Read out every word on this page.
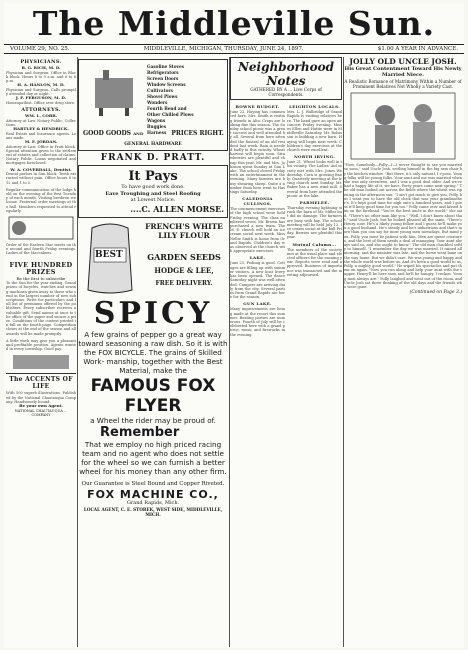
The Middleville Sun.
VOLUME 29, NO. 25.	MIDDLEVILLE, MICHIGAN, THURSDAY, JUNE 24, 1897.	$1.00 A YEAR IN ADVANCE.
PHYSICIANS.
B. G. RICH, M. D.
Physician and Surgeon. Office in Block block. Hours 8 to 9 a.m. and 6 to 8 p.m.
H. A. HANLON, M. D.
Physician and Surgeon. Calls promptly attended day or night.
J. F. FERGUSON, M. D.
Homeopathist. Office over drug store.
ATTORNEYS.
WM. L. COBB.
Attorney at Law. Notary Public. Collections.
HARTLEY & HENDRICK.
Real Estate and Insurance agents. Loans made.
M. F. JORDAN.
Attorney at Law. Office in Pratt block. Special attention given to the settlement of estates and collection of claims. Notary Public. Loans negotiated and mortgages foreclosed.
W. A. COVERDALL, Dentist.
Dental parlors in Sun block. Teeth extracted without pain. Office hours 8 to 12 and 1 to 5.
Regular communication of the lodge held on the evening of the first Tuesday of each month. Visiting brethren welcome. Fraternal order meetings at the hall. Members requested to attend regularly.
Order of the Eastern Star meets on the second and fourth Friday evenings. Ladies of the Maccabees.
FIVE HUNDRED PRIZES
Be the first to subscribe
To the Sun for the year ending. Grand prizes of bicycles, watches and sewing machines given away to those who send in the largest number of new subscriptions. Write for particulars and full list of premiums offered by the publishers. Every subscriber receives a valuable gift. Send names at once to the office of the paper and secure a prize. Conditions of the contest printed in full on the fourth page. Competition closes at the end of the season and all awards will be made promptly.
A little work may give you a pleasant and profitable position. Agents wanted in every township. Good pay.
The ACCENTS OF LIFE
With 500 superb illustrations. Published by the National Chautauqua Company. Handsomely bound.
Be your own Agent.
NATIONAL CHAUTAUQUA ... COMPANY
Gasoline Stoves
Refrigerators
Screen Doors
Window Screens
Cultivators
Shovel Plows
Wonders
Fourth Bend and
Other Chilled Plows
Wagons
Buggies
Harness
GOOD GOODS AND	PRICES RIGHT.
GENERAL HARDWARE
FRANK D. PRATT.
It Pays
To have good work done.
Eave Troughing and Steel Roofing
at Lowest Notice.
....C. ALLEN MORSE.
BEST
FRENCH'S WHITE LILY FLOUR
GARDEN SEEDS
HODGE & LEE,
FREE DELIVERY.
SPICY
A few grains of pepper go a great way toward seasoning a raw dish. So it is with the FOX BICYCLE. The grains of Skilled Work- manship, together with the Best Material, make the
FAMOUS FOX FLYER
a Wheel the rider may be proud of.
Remember
That we employ no high priced racing team and no agent who does not settle for the wheel so we can furnish a better wheel for his money than any other firm.
Our Guarantee is Steel Bound and Copper Riveted.
FOX MACHINE CO.,
Grand Rapids, Mich.
LOCAL AGENT, C. E. STOREK, WEST SIDE, MIDDLEVILLE, MICH.
Neighborhood Notes
GATHERED BY A ... Live Corps of Correspondents.
BOWNE BUDGET.
June 22. Haying has commenced here. Mrs. Smith is visiting friends in Alto. Crops are looking fine this season. The Sunday school picnic was a great success and well attended by all. Several from here attended the funeral of an old resident last week. Rain is needed badly in this vicinity. Wheat harvest will begin soon. Strawberries are plentiful and cheap this year. Mr. and Mrs. Johnson spent Sunday at Gun Lake. The school closed Friday with an entertainment in the evening. Many farmers are busy shearing sheep. Quite a number from here went to Hastings Saturday.
CALEDONIA CULLINGS.
The commencement exercises of the high school were held Friday evening. The class numbered seven. Mr. Brown has purchased a new team. The M. E. church will hold an ice cream social next week. Miss Nellie Smith is home from Grand Rapids. Children's day was observed at the church with appropriate exercises.
LAKE.
June 21. Fishing is good. Cottages are filling up with summer visitors. A new boat livery has been opened. The dance Saturday night was well attended. Campers are arriving daily from the city. Several parties from Grand Rapids are here for the season.
GUN LAKE.
Many improvements are being made at the resort this summer. Boating parties are numerous. Fourth of July will be celebrated here with a grand picnic, music and fireworks in the evening.
LEIGHTON LOCALS.
Mrs. L. J. Walbridge of Grand Rapids is visiting relatives here. The band gave an open air concert Friday evening. Misses Ellen and Hattie were in Middleville Saturday. Mr. Robinson is building a new barn. Haying will begin next week. Children's day exercises at the church were excellent.
NORTH IRVING.
June 21. Wheat looks well in this vicinity. The Ladies' Aid society met with Mrs. Jones Wednesday. Corn is growing finely. Quarterly meeting at the Irving church next Sunday. Mr. Baker has a new wind mill. Several from here attended the picnic at the lake.
PARMELEE.
Thursday evening lightning struck the barn of Mr. Miller but did no damage. The farmers are busy with hay. The school meeting will be held July 12. Ice cream social at the hall Friday. Berries are plentiful this year.
Mutual Calumn...
The members of the society met at the usual place and elected officers for the ensuing year. Reports were read and approved. Business of importance was transacted and the meeting adjourned.
JOLLY OLD UNCLE JOSH.
His Great Contentment Toward His Newly Married Niece.
A Realistic Romance of Matrimony Within a Number of Prominent Relatives Not Wholly a Variety Cast.
"Now, Somebody—Polly—I—I never thought to see you married so soon," said Uncle Josh, settling himself in the big arm chair by the kitchen window. "But there, it's only natural, I s'pose. Young folks will be young folks. Your aunt and me was married when she was only seventeen, and I was a good deal older. And we've had a happy life of it, we have. Forty years come next spring." The old man looked out across the fields where the wheat was ripening in the afternoon sun. "I ain't got much to give you, Polly, but I want you to have the old clock that was your grandmother's. It's kept good time for nigh onto a hundred years, and I guess it'll keep good time for you too." Polly came over and kissed him on the forehead. "You're the best uncle in the world," she said. "There's no other man like you." "Well, I don't know about that," said Uncle Josh, but he looked pleased all the same. "There's Henry, now. He's a likely young fellow and I guess he'll make you a good husband. He's steady and he's industrious and that's more than you can say for most young men nowadays. But mind you, Polly, you must be patient with him. Men are queer creatures, and the best of them needs a deal of managing. Your aunt always said so, and she ought to know." The old man chuckled softly to himself. "I remember the day we was married. It rained all morning, and the minister was late, and the horse went lame on the way home. But we didn't care. We was young and happy and the whole world was before us. And it's been a good world to us, Polly, a mighty good world." He wiped his spectacles and put them on again. "Now you run along and help your aunt with the supper. Henry'll be here soon and he'll be hungry, I reckon. Young men always are." Polly laughed and went out of the room, and Uncle Josh sat there thinking of the old days and the friends who were gone.
(Continued on Page 3.)
